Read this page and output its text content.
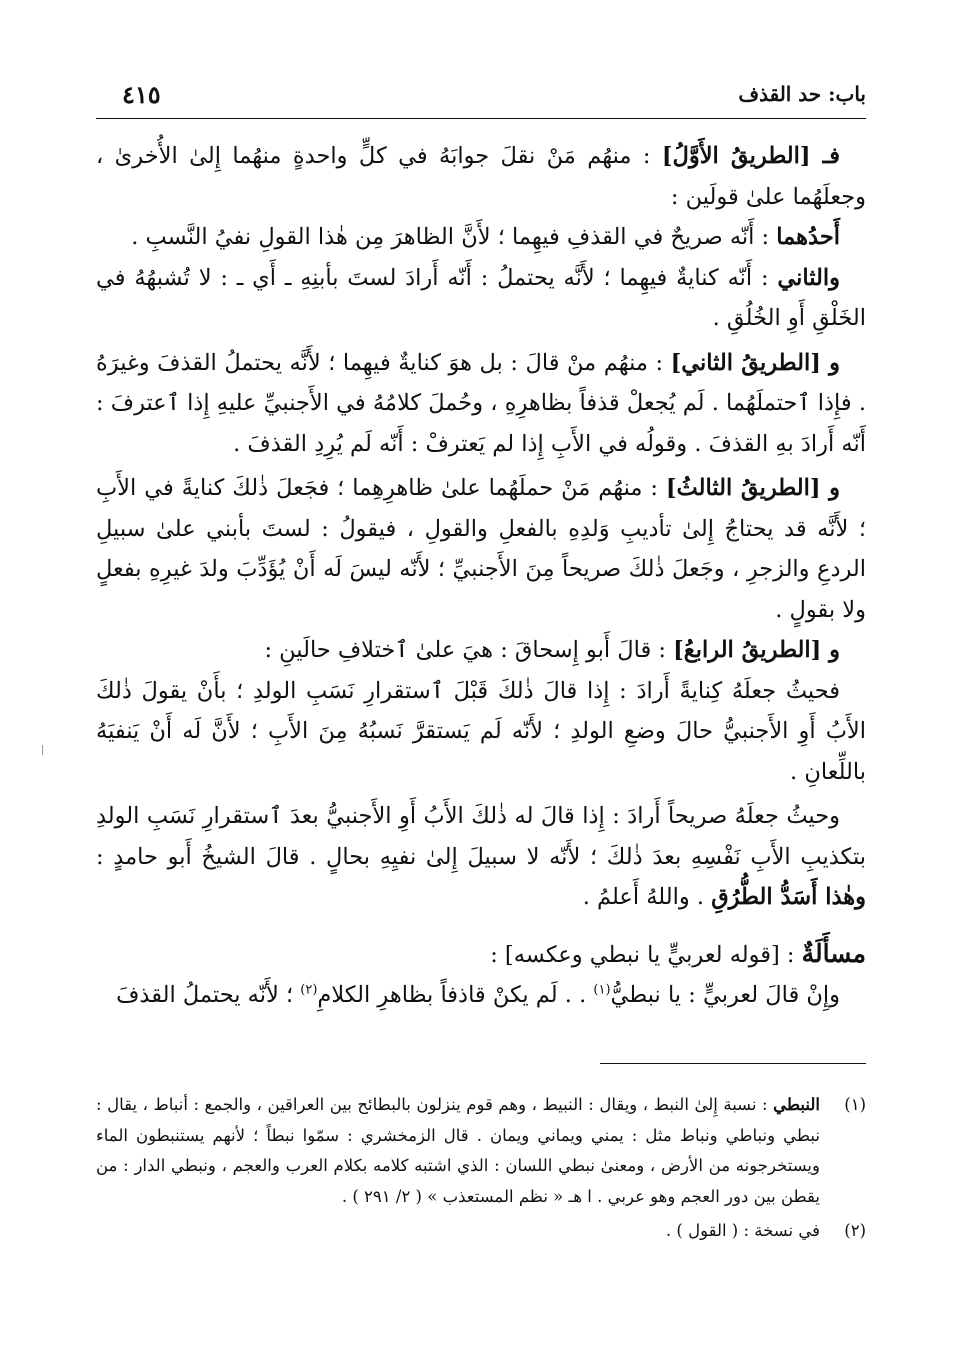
باب: حد القذف
٤١٥

فـ [الطريقُ الأَوَّلُ] : منهُم مَنْ نقلَ جوابَهُ في كلٍّ واحدةٍ منهُما إِلىٰ الأُخرىٰ ، وجعلَهُما علىٰ قولَين :

أَحدُهما : أَنّه صريحٌ في القذفِ فيهِما ؛ لأَنَّ الظاهرَ مِن هٰذا القولِ نفيُ النَّسبِ .

والثاني : أَنّه كنايةٌ فيهِما ؛ لأَنَّه يحتملُ : أَنّه أَرادَ لستَ بأبنِهِ ـ أَي ـ : لا تُشبهُهُ في الخَلْقِ أَوِ الخُلُقِ .

و [الطريقُ الثاني] : منهُم منْ قالَ : بل هوَ كنايةٌ فيهِما ؛ لأَنَّه يحتملُ القذفَ وغيرَهُ . فإِذا ٱحتملَهُما . لَم يُجعلْ قذفاً بظاهرِهِ ، وحُملَ كلامُهُ في الأَجنبيِّ عليهِ إِذا ٱعترفَ : أَنّه أَرادَ بهِ القذفَ . وقولُه في الأَبِ إِذا لم يَعترفْ : أَنّه لَم يُرِدِ القذفَ .

و [الطريقُ الثالثُ] : منهُم مَنْ حملَهُما علىٰ ظاهرِهِما ؛ فجَعلَ ذٰلكَ كنايةً في الأَبِ ؛ لأَنَّه قد يحتاجُ إِلىٰ تأديبِ وَلدِهِ بالفعلِ والقولِ ، فيقولُ : لستَ بأبني علىٰ سبيلِ الردعِ والزجرِ ، وجَعلَ ذٰلكَ صريحاً مِنَ الأَجنبيِّ ؛ لأَنّه ليسَ لَه أَنْ يُؤَدِّبَ ولدَ غيرِهِ بفعلٍ ولا بقولٍ .

و [الطريقُ الرابعُ] : قالَ أَبو إِسحاقَ : هيَ علىٰ ٱختلافِ حالَينِ :

فحيثُ جعلَهُ كِنايةً أَرادَ : إِذا قالَ ذٰلكَ قَبْلَ ٱستقرارِ نَسَبِ الولدِ ؛ بأَنْ يقولَ ذٰلكَ الأَبُ أَوِ الأَجنبيُّ حالَ وضعِ الولدِ ؛ لأَنّه لَم يَستقرَّ نَسبُهُ مِنَ الأَبِ ؛ لأَنَّ لَه أَنْ يَنفيَهُ باللِّعانِ .

وحيثُ جعلَهُ صريحاً أَرادَ : إِذا قالَ له ذٰلكَ الأَبُ أَوِ الأَجنبيُّ بعدَ ٱستقرارِ نَسَبِ الولدِ بتكذيبِ الأَبِ نَفْسِهِ بعدَ ذٰلكَ ؛ لأَنّه لا سبيلَ إِلىٰ نفيِهِ بحالٍ . قالَ الشيخُ أَبو حامدٍ : وهٰذا أَسَدُّ الطُّرُقِ . واللهُ أَعلمُ .

مسأَلَةٌ : [قوله لعربيٍّ يا نبطي وعكسه] :

وإِنْ قالَ لعربيٍّ : يا نبطيُّ$^{(١)}$ . . لَم يكنْ قاذفاً بظاهرِ الكلامِ$^{(٢)}$ ؛ لأَنّه يحتملُ القذفَ

(١)
النبطي : نسبة إِلىٰ النبط ، ويقال : النبيط ، وهم قوم ينزلون بالبطائح بين العراقين ، والجمع : أنباط ، يقال : نبطي ونباطي ونباط مثل : يمني ويماني ويمان . قال الزمخشري : سمّوا نبطاً ؛ لأنهم يستنبطون الماء ويستخرجونه من الأرض ، ومعنىٰ نبطي اللسان : الذي اشتبه كلامه بكلام العرب والعجم ، ونبطي الدار : من يقطن بين دور العجم وهو عربي . ا هـ « نظم المستعذب » ( ٢/ ٢٩١ ) .

(٢)
في نسخة : ( القول ) .
